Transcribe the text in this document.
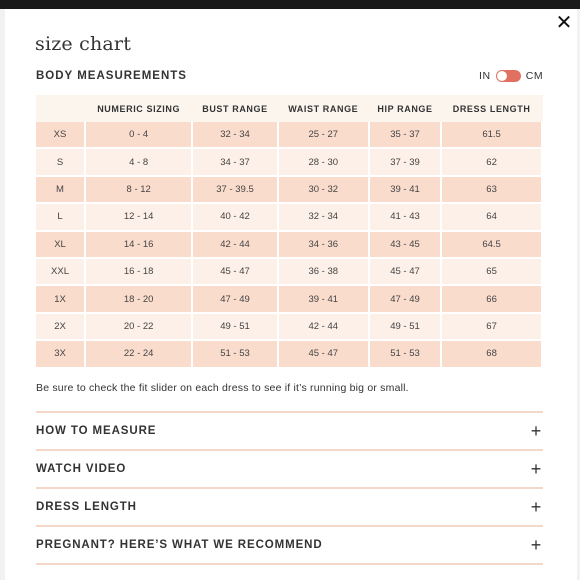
✕
size chart
BODY MEASUREMENTS	IN	CM
	NUMERIC SIZING	BUST RANGE	WAIST RANGE	HIP RANGE	DRESS LENGTH
XS	0 - 4	32 - 34	25 - 27	35 - 37	61.5
S	4 - 8	34 - 37	28 - 30	37 - 39	62
M	8 - 12	37 - 39.5	30 - 32	39 - 41	63
L	12 - 14	40 - 42	32 - 34	41 - 43	64
XL	14 - 16	42 - 44	34 - 36	43 - 45	64.5
XXL	16 - 18	45 - 47	36 - 38	45 - 47	65
1X	18 - 20	47 - 49	39 - 41	47 - 49	66
2X	20 - 22	49 - 51	42 - 44	49 - 51	67
3X	22 - 24	51 - 53	45 - 47	51 - 53	68
Be sure to check the fit slider on each dress to see if it’s running big or small.
HOW TO MEASURE	+
WATCH VIDEO	+
DRESS LENGTH	+
PREGNANT? HERE’S WHAT WE RECOMMEND	+
